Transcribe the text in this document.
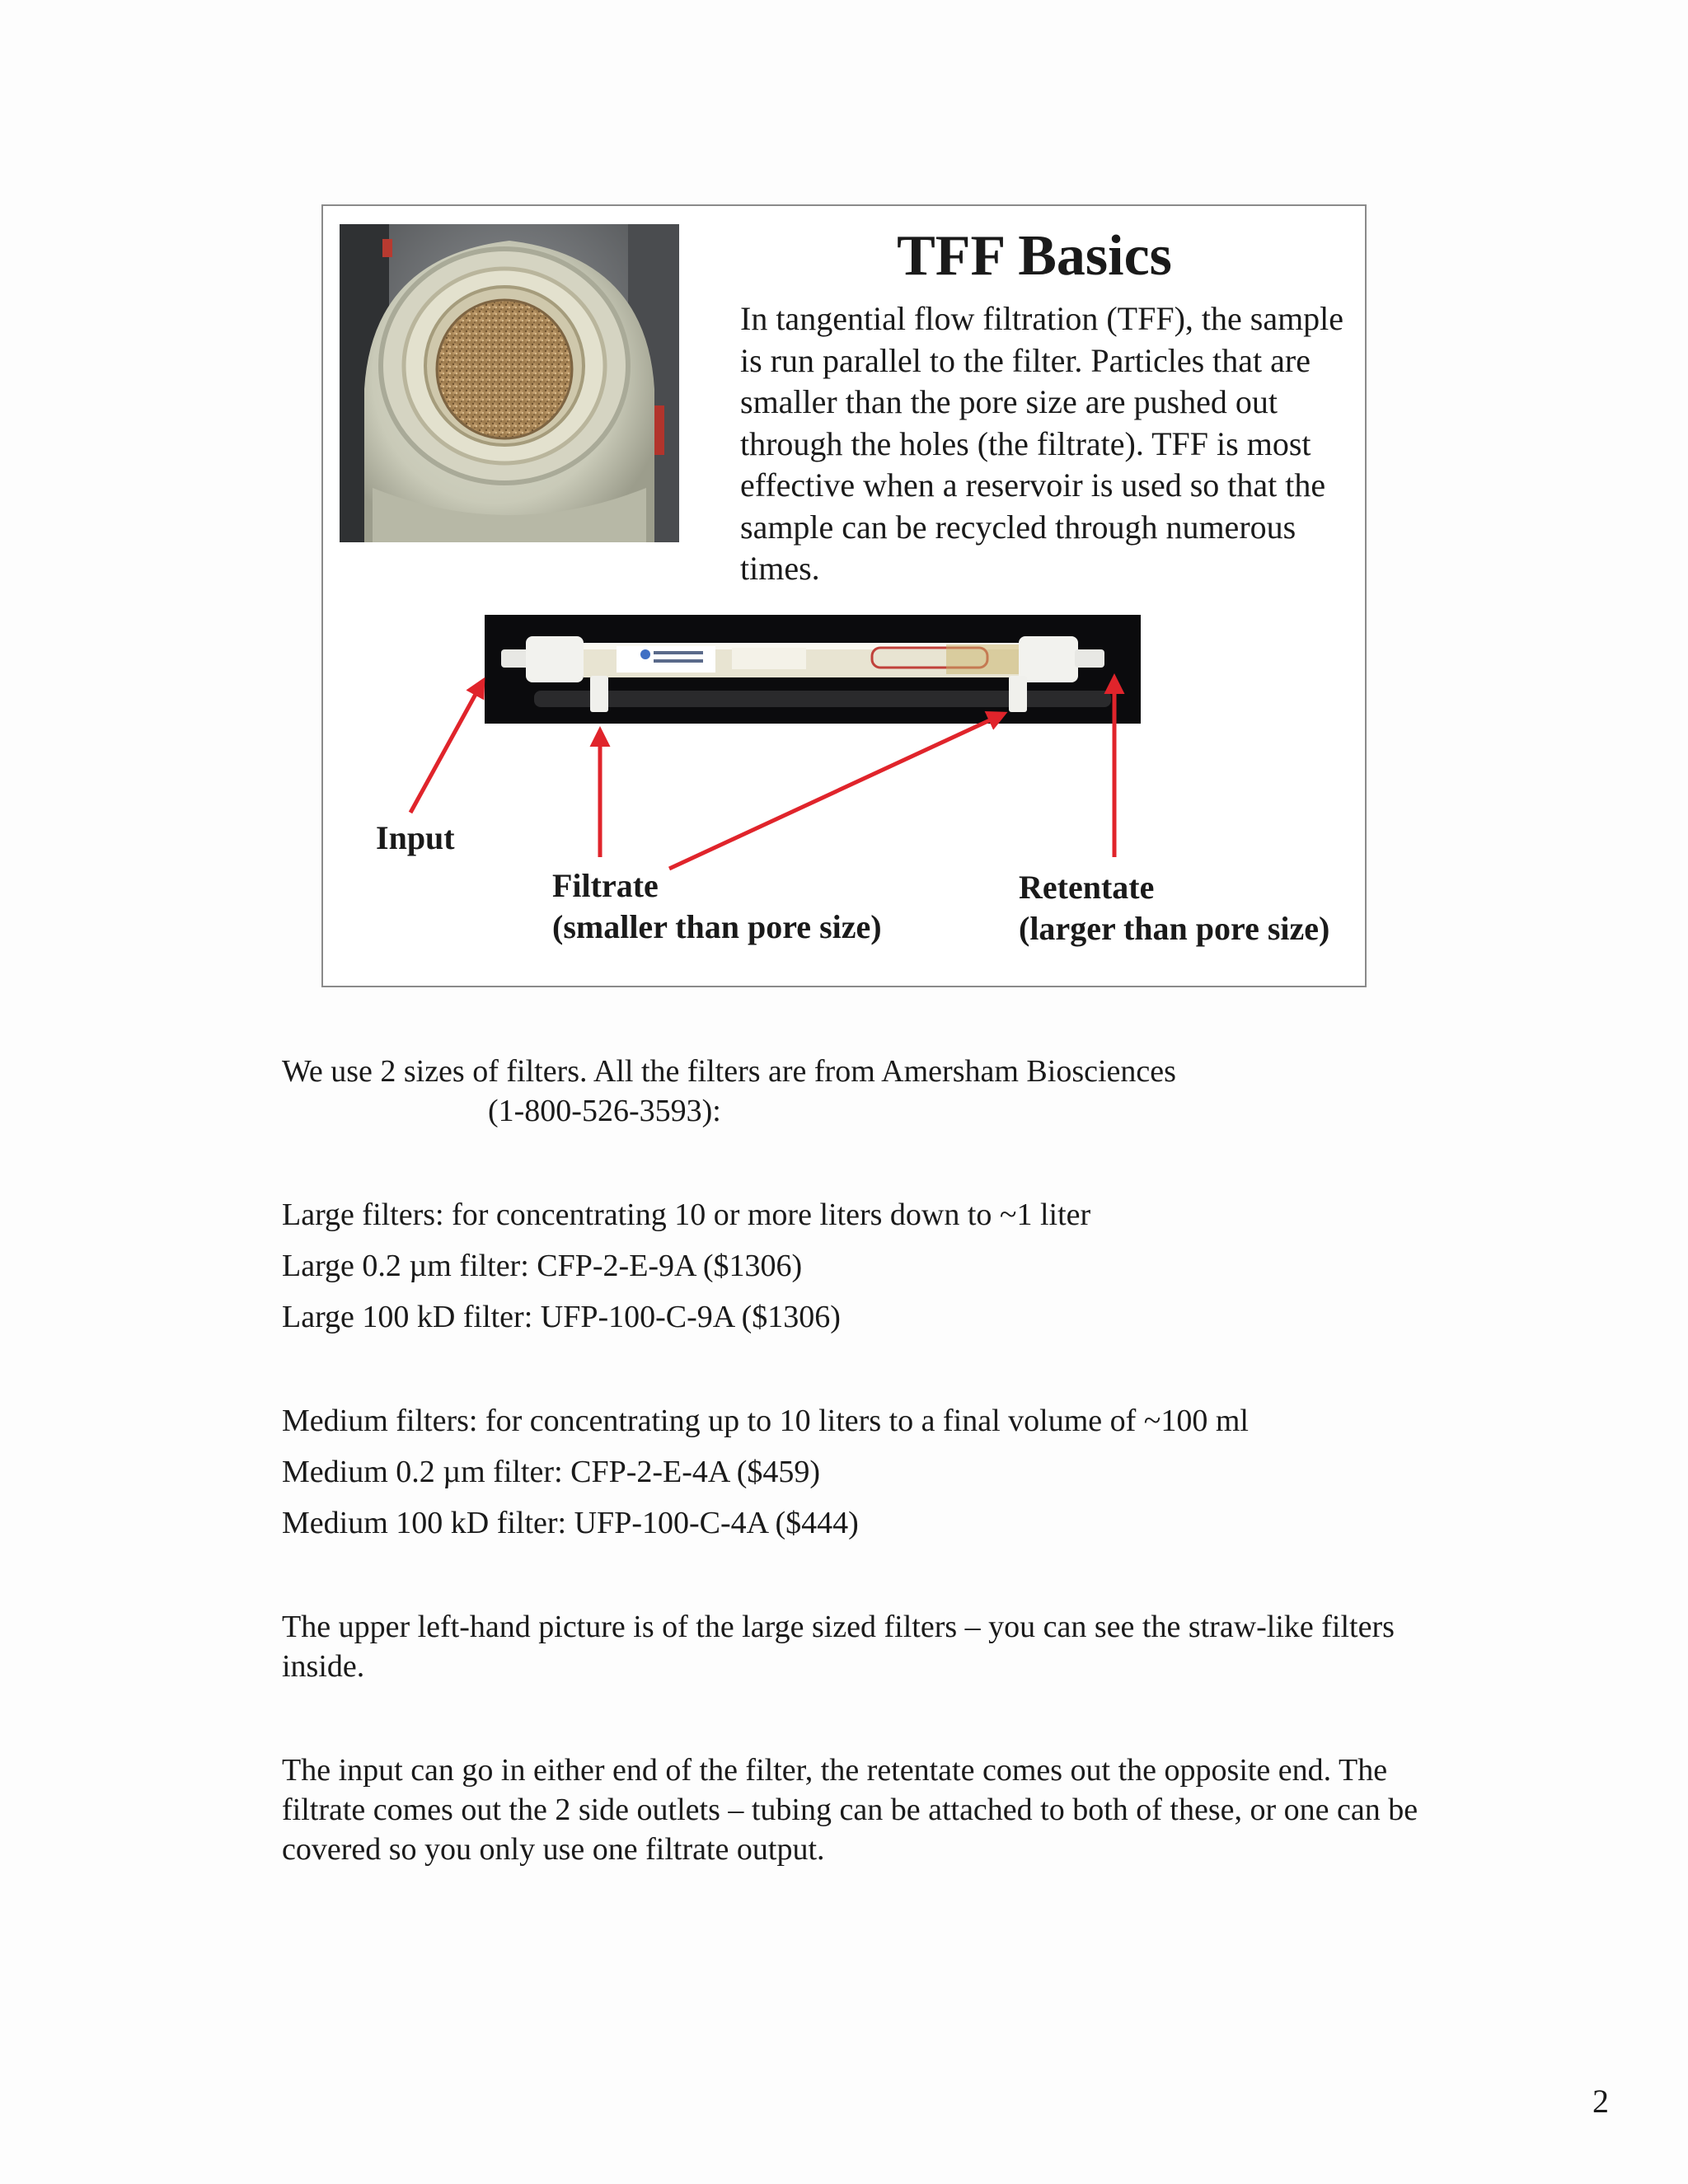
TFF Basics

In tangential flow filtration (TFF), the sample is run parallel to the filter. Particles that are smaller than the pore size are pushed out through the holes (the filtrate). TFF is most effective when a reservoir is used so that the sample can be recycled through numerous times.

Input
Filtrate
(smaller than pore size)
Retentate
(larger than pore size)

We use 2 sizes of filters. All the filters are from Amersham Biosciences

(1-800-526-3593):

Large filters: for concentrating 10 or more liters down to ~1 liter

Large 0.2 µm filter: CFP-2-E-9A ($1306)

Large 100 kD filter: UFP-100-C-9A ($1306)

Medium filters: for concentrating up to 10 liters to a final volume of ~100 ml

Medium 0.2 µm filter: CFP-2-E-4A ($459)

Medium 100 kD filter: UFP-100-C-4A ($444)

The upper left-hand picture is of the large sized filters – you can see the straw-like filters inside.

The input can go in either end of the filter, the retentate comes out the opposite end. The filtrate comes out the 2 side outlets – tubing can be attached to both of these, or one can be covered so you only use one filtrate output.

2
